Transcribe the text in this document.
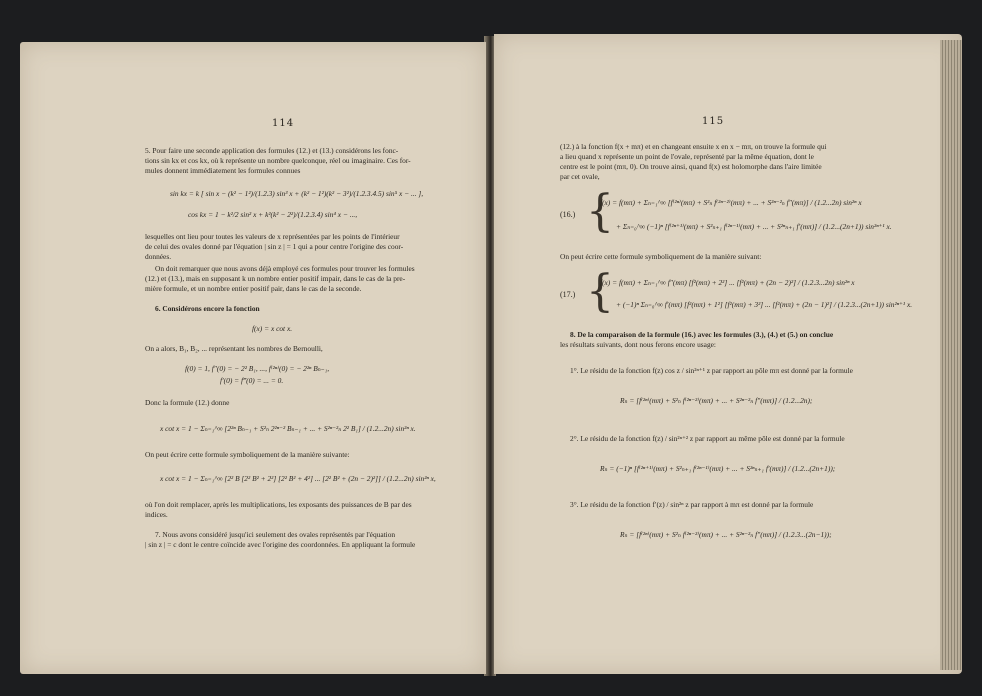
114
5. Pour faire une seconde application des formules (12.) et (13.) considérons les fonc-
tions sin kx et cos kx, où k représente un nombre quelconque, réel ou imaginaire. Ces for-
mules donnent immédiatement les formules connues
sin kx = k [ sin x − (k² − 1²)/(1.2.3) sin³ x + (k² − 1²)(k² − 3²)/(1.2.3.4.5) sin⁵ x − ... ],
cos kx = 1 − k²/2 sin² x + k²(k² − 2²)/(1.2.3.4) sin⁴ x − ...,
lesquelles ont lieu pour toutes les valeurs de x représentées par les points de l'intérieur
de celui des ovales donné par l'équation | sin z | = 1 qui a pour centre l'origine des coor-
données.
On doit remarquer que nous avons déjà employé ces formules pour trouver les formules
(12.) et (13.), mais en supposant k un nombre entier positif impair, dans le cas de la pre-
mière formule, et un nombre entier positif pair, dans le cas de la seconde.
6. Considérons encore la fonction
f(x) = x cot x.
On a alors, B₁, B₂, ... représentant les nombres de Bernoulli,
f(0) = 1, f″(0) = − 2² B₁, ..., f⁽²ⁿ⁾(0) = − 2²ⁿ Bₙ₋₁,
f′(0) = f‴(0) = ... = 0.
Donc la formule (12.) donne
x cot x = 1 − Σₙ₌₁^∞ [2²ⁿ Bₙ₋₁ + S²ₙ 2²ⁿ⁻² Bₙ₋₁ + ... + S²ⁿ⁻²ₙ 2² B₁] / (1.2...2n) sin²ⁿ x.
On peut écrire cette formule symboliquement de la manière suivante:
x cot x = 1 − Σₙ₌₁^∞ [2² B [2² B² + 2²] [2² B² + 4²] ... [2² B² + (2n − 2)²]] / (1.2...2n) sin²ⁿ x,
où l'on doit remplacer, après les multiplications, les exposants des puissances de B par des
indices.
7. Nous avons considéré jusqu'ici seulement des ovales représentés par l'équation
| sin z | = c dont le centre coïncide avec l'origine des coordonnées. En appliquant la formule
115
(12.) à la fonction f(x + mπ) et en changeant ensuite x en x − mπ, on trouve la formule qui
a lieu quand x représente un point de l'ovale, représenté par la même équation, dont le
centre est le point (mπ, 0). On trouve ainsi, quand f(x) est holomorphe dans l'aire limitée
par cet ovale,
(16.) {
f(x) = f(mπ) + Σₙ₌₁^∞ [f⁽²ⁿ⁾(mπ) + S²ₙ f⁽²ⁿ⁻²⁾(mπ) + ... + S²ⁿ⁻²ₙ f″(mπ)] / (1.2...2n) sin²ⁿ x
+ Σₙ₌₀^∞ (−1)ⁿ [f⁽²ⁿ⁺¹⁾(mπ) + S²ₙ₊₁ f⁽²ⁿ⁻¹⁾(mπ) + ... + S²ⁿₙ₊₁ f′(mπ)] / (1.2...(2n+1)) sin²ⁿ⁺¹ x.
On peut écrire cette formule symboliquement de la manière suivant:
(17.) {
f(x) = f(mπ) + Σₙ₌₁^∞ f″(mπ) [f²(mπ) + 2²] ... [f²(mπ) + (2n − 2)²] / (1.2.3...2n) sin²ⁿ x
+ (−1)ⁿ Σₙ₌₀^∞ f′(mπ) [f²(mπ) + 1²] [f²(mπ) + 3²] ... [f²(mπ) + (2n − 1)²] / (1.2.3...(2n+1)) sin²ⁿ⁺¹ x.
8. De la comparaison de la formule (16.) avec les formules (3.), (4.) et (5.) on conclue
les résultats suivants, dont nous ferons encore usage:
1°. Le résidu de la fonction f(z) cos z / sin²ⁿ⁺¹ z par rapport au pôle mπ est donné par la formule
Rₙ = [f⁽²ⁿ⁾(mπ) + S²ₙ f⁽²ⁿ⁻²⁾(mπ) + ... + S²ⁿ⁻²ₙ f″(mπ)] / (1.2...2n);
2°. Le résidu de la fonction f(z) / sin²ⁿ⁺² z par rapport au même pôle est donné par la formule
Rₙ = (−1)ⁿ [f⁽²ⁿ⁺¹⁾(mπ) + S²ₙ₊₁ f⁽²ⁿ⁻¹⁾(mπ) + ... + S²ⁿₙ₊₁ f′(mπ)] / (1.2...(2n+1));
3°. Le résidu de la fonction f′(z) / sin²ⁿ z par rapport à mπ est donné par la formule
Rₙ = [f⁽²ⁿ⁾(mπ) + S²ₙ f⁽²ⁿ⁻²⁾(mπ) + ... + S²ⁿ⁻²ₙ f″(mπ)] / (1.2.3...(2n−1));
